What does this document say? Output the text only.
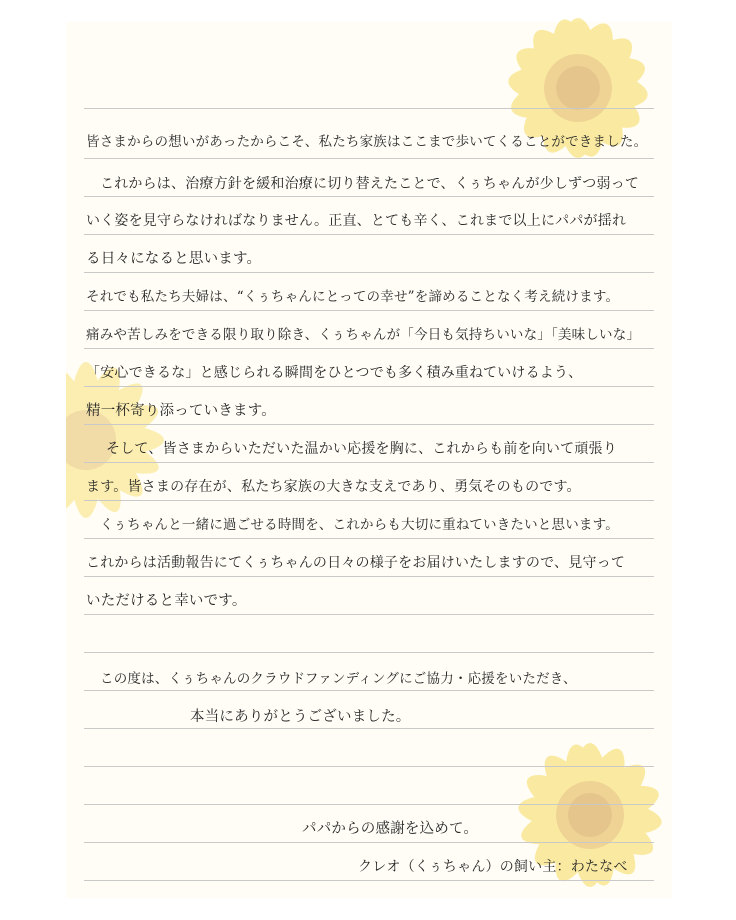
皆さまからの想いがあったからこそ、私たち家族はここまで歩いてくることができました。
これからは、治療方針を緩和治療に切り替えたことで、くぅちゃんが少しずつ弱って
いく姿を見守らなければなりません。正直、とても辛く、これまで以上にパパが揺れ
る日々になると思います。
それでも私たち夫婦は、“くぅちゃんにとっての幸せ”を諦めることなく考え続けます。
痛みや苦しみをできる限り取り除き、くぅちゃんが「今日も気持ちいいな」「美味しいな」
「安心できるな」と感じられる瞬間をひとつでも多く積み重ねていけるよう、
精一杯寄り添っていきます。
そして、皆さまからいただいた温かい応援を胸に、これからも前を向いて頑張り
ます。皆さまの存在が、私たち家族の大きな支えであり、勇気そのものです。
くぅちゃんと一緒に過ごせる時間を、これからも大切に重ねていきたいと思います。
これからは活動報告にてくぅちゃんの日々の様子をお届けいたしますので、見守って
いただけると幸いです。
この度は、くぅちゃんのクラウドファンディングにご協力・応援をいただき、
本当にありがとうございました。
パパからの感謝を込めて。
クレオ（くぅちゃん）の飼い主：わたなべ
